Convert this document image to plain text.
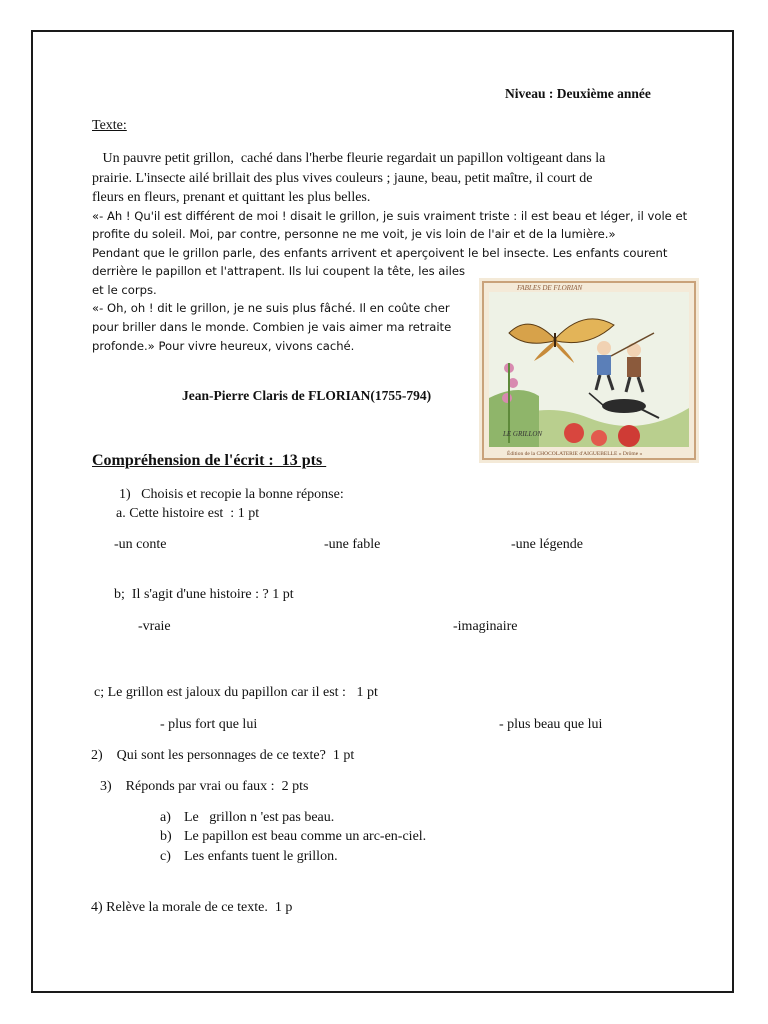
Niveau : Deuxième année
Texte:
Un pauvre petit grillon,  caché dans l'herbe fleurie regardait un papillon voltigeant dans la
prairie. L'insecte ailé brillait des plus vives couleurs ; jaune, beau, petit maître, il court de
fleurs en fleurs, prenant et quittant les plus belles.
«- Ah ! Qu'il est différent de moi ! disait le grillon, je suis vraiment triste : il est beau et léger, il vole et
profite du soleil. Moi, par contre, personne ne me voit, je vis loin de l'air et de la lumière.»
Pendant que le grillon parle, des enfants arrivent et aperçoivent le bel insecte. Les enfants courent
derrière le papillon et l'attrapent. Ils lui coupent la tête, les ailes
et le corps.
«- Oh, oh ! dit le grillon, je ne suis plus fâché. Il en coûte cher
pour briller dans le monde. Combien je vais aimer ma retraite
profonde.» Pour vivre heureux, vivons caché.
Jean-Pierre Claris de FLORIAN(1755-794)
FABLES DE FLORIAN
LE GRILLON
Édition de la CHOCOLATERIE d'AIGUEBELLE « Drôme »
Compréhension de l'écrit :  13 pts
1)   Choisis et recopie la bonne réponse:
a. Cette histoire est  : 1 pt
-un conte	-une fable	-une légende
b;  Il s'agit d'une histoire : ? 1 pt
-vraie	-imaginaire
c; Le grillon est jaloux du papillon car il est :   1 pt
- plus fort que lui	- plus beau que lui
2)    Qui sont les personnages de ce texte?  1 pt
3)    Réponds par vrai ou faux :  2 pts
a) Le   grillon n 'est pas beau.
b) Le papillon est beau comme un arc-en-ciel.
c) Les enfants tuent le grillon.
4) Relève la morale de ce texte.  1 p
